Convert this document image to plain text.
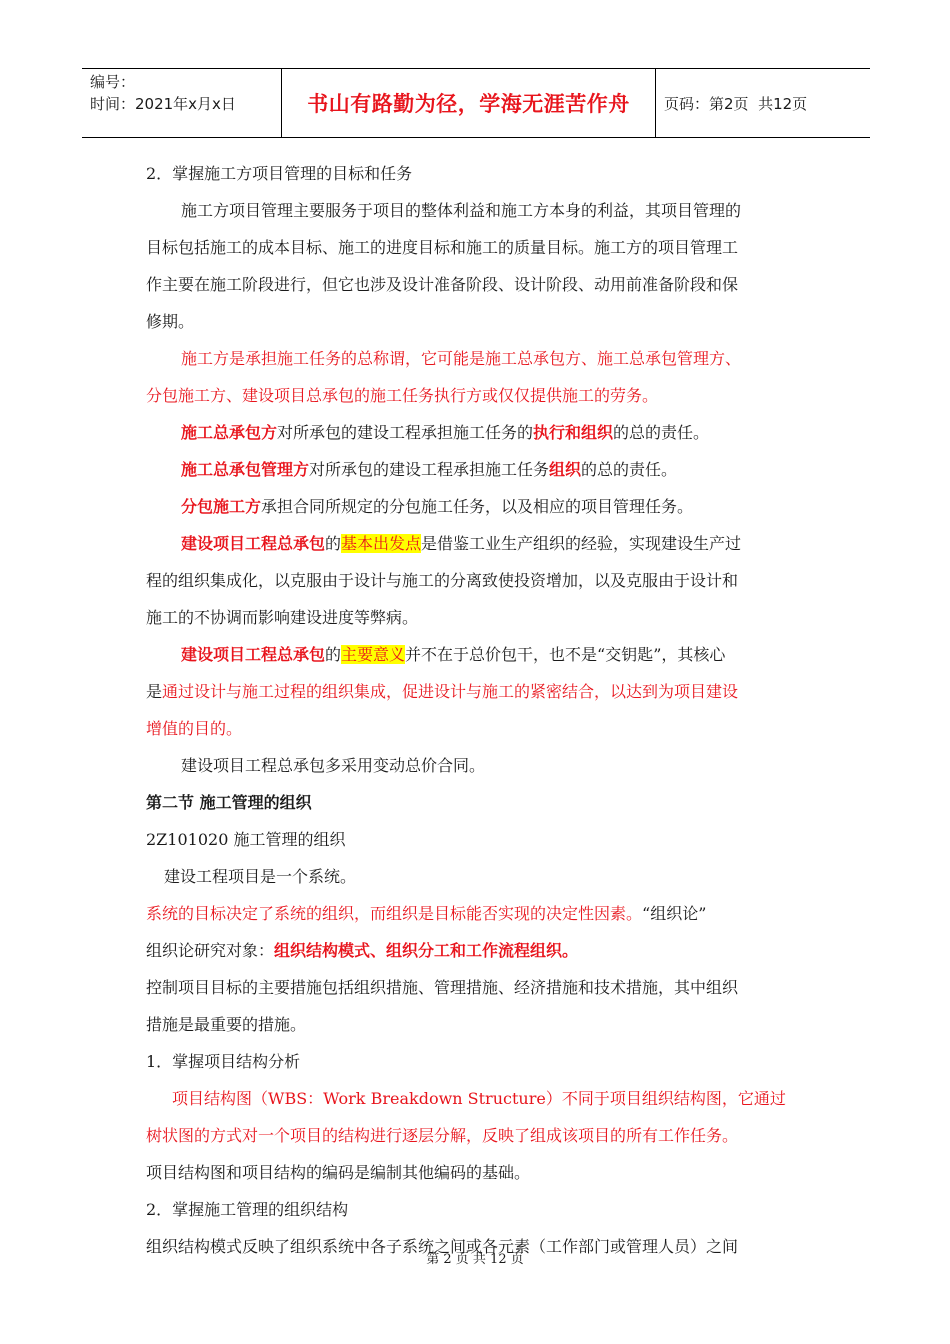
编号：
时间：2021年x月x日	书山有路勤为径，学海无涯苦作舟	页码：第2页  共12页

2．掌握施工方项目管理的目标和任务

施工方项目管理主要服务于项目的整体利益和施工方本身的利益，其项目管理的

目标包括施工的成本目标、施工的进度目标和施工的质量目标。施工方的项目管理工

作主要在施工阶段进行，但它也涉及设计准备阶段、设计阶段、动用前准备阶段和保

修期。

施工方是承担施工任务的总称谓，它可能是施工总承包方、施工总承包管理方、

分包施工方、建设项目总承包的施工任务执行方或仅仅提供施工的劳务。

施工总承包方对所承包的建设工程承担施工任务的执行和组织的总的责任。

施工总承包管理方对所承包的建设工程承担施工任务组织的总的责任。

分包施工方承担合同所规定的分包施工任务，以及相应的项目管理任务。

建设项目工程总承包的基本出发点是借鉴工业生产组织的经验，实现建设生产过

程的组织集成化，以克服由于设计与施工的分离致使投资增加，以及克服由于设计和

施工的不协调而影响建设进度等弊病。

建设项目工程总承包的主要意义并不在于总价包干，也不是“交钥匙”，其核心

是通过设计与施工过程的组织集成，促进设计与施工的紧密结合，以达到为项目建设

增值的目的。

建设项目工程总承包多采用变动总价合同。

第二节 施工管理的组织

2Z101020 施工管理的组织

建设工程项目是一个系统。

系统的目标决定了系统的组织，而组织是目标能否实现的决定性因素。“组织论”

组织论研究对象：组织结构模式、组织分工和工作流程组织。

控制项目目标的主要措施包括组织措施、管理措施、经济措施和技术措施，其中组织

措施是最重要的措施。

1．掌握项目结构分析

项目结构图（WBS：Work Breakdown Structure）不同于项目组织结构图，它通过

树状图的方式对一个项目的结构进行逐层分解，反映了组成该项目的所有工作任务。

项目结构图和项目结构的编码是编制其他编码的基础。

2．掌握施工管理的组织结构

组织结构模式反映了组织系统中各子系统之间或各元素（工作部门或管理人员）之间

第 2 页 共 12 页
